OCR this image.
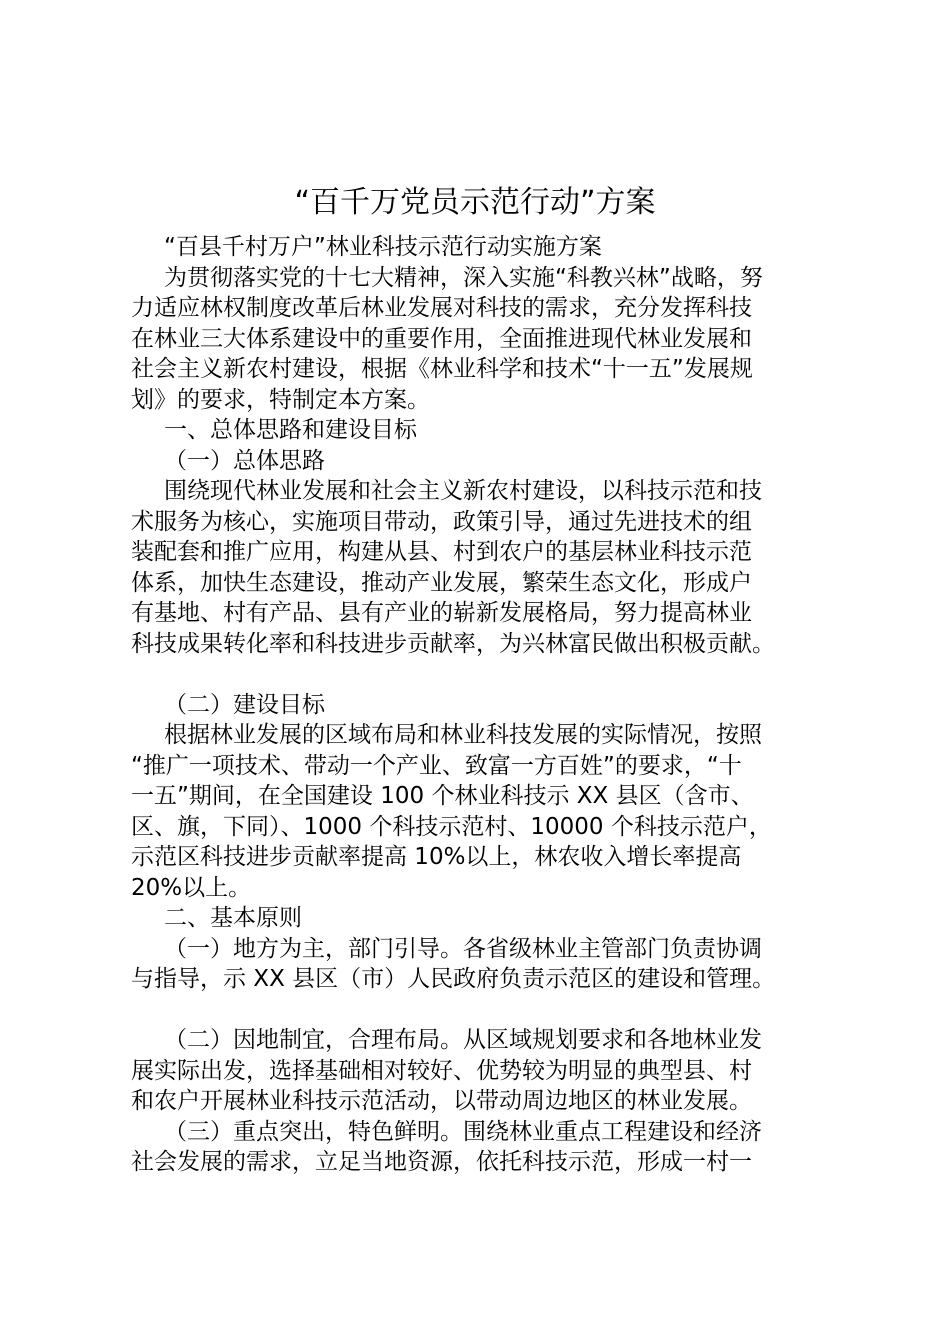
“百千万党员示范行动”方案

“百县千村万户”林业科技示范行动实施方案

为贯彻落实党的十七大精神，深入实施“科教兴林”战略，努

力适应林权制度改革后林业发展对科技的需求，充分发挥科技

在林业三大体系建设中的重要作用，全面推进现代林业发展和

社会主义新农村建设，根据《林业科学和技术“十一五”发展规

划》的要求，特制定本方案。

一、总体思路和建设目标

（一）总体思路

围绕现代林业发展和社会主义新农村建设，以科技示范和技

术服务为核心，实施项目带动，政策引导，通过先进技术的组

装配套和推广应用，构建从县、村到农户的基层林业科技示范

体系，加快生态建设，推动产业发展，繁荣生态文化，形成户

有基地、村有产品、县有产业的崭新发展格局，努力提高林业

科技成果转化率和科技进步贡献率，为兴林富民做出积极贡献。

（二）建设目标

根据林业发展的区域布局和林业科技发展的实际情况，按照

“推广一项技术、带动一个产业、致富一方百姓”的要求，“十

一五”期间，在全国建设 100 个林业科技示 XX 县区（含市、

区、旗，下同）、1000 个科技示范村、10000 个科技示范户，

示范区科技进步贡献率提高 10%以上，林农收入增长率提高

20%以上。

二、基本原则

（一）地方为主，部门引导。各省级林业主管部门负责协调

与指导，示 XX 县区（市）人民政府负责示范区的建设和管理。

（二）因地制宜，合理布局。从区域规划要求和各地林业发

展实际出发，选择基础相对较好、优势较为明显的典型县、村

和农户开展林业科技示范活动，以带动周边地区的林业发展。

（三）重点突出，特色鲜明。围绕林业重点工程建设和经济

社会发展的需求，立足当地资源，依托科技示范，形成一村一
